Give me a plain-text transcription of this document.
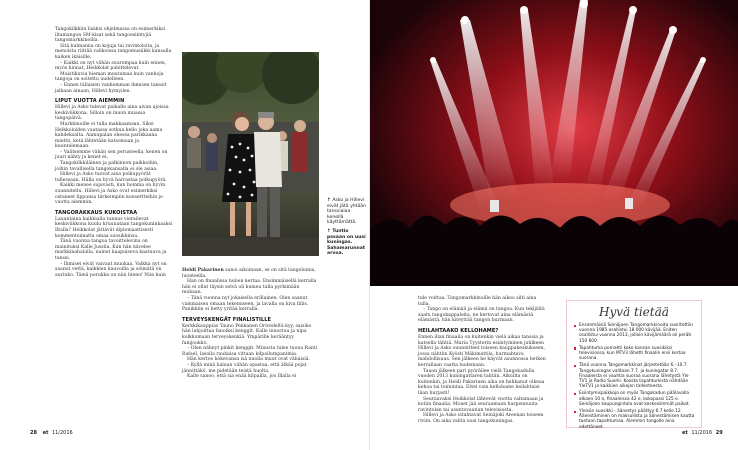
Tangokilkkiin lisäksi ohjelmassa on esimerkiksi iltamangon SM-kisat sekä tangoesiintyjiä tangomarkkinoilla.

Sitä kulmanna on kojuja tai ravintoloita, ja menoista riittää valikoissa tangomusiikki kansalla kaiken ikäisille.

– Kaikki on nyt vähän suurempaa kuin ennen, myös hinnat, Heikkolat pahittelevat.

Muistikuvia hieman muutamaa kuin vanhoja tangoja on soitettu uudelleen.

– Ennen tällaisen vanhemman ihmisen tanssit jalkaan ainaan, Hillevi hymyilee.

LIPUT VUOTTA AIEMMIN

Hillevi ja Asko tulevat paikalle aina aivan ajoissa keskiviikkona. Silloin on muun muassa tangopäivä.

Markkinoille ei tulla makkaamaan. Siksi Heikkoloiden vaatassa sotkua kello joka aamu kahdeksalta. Aamupalan ohessa parikkaana miettii, ketä lähtetään katsomaan ja kuuntelemaan.

– Valitsemme vähän sen perusteella, kenen on juuri nähty ja kenet ei.

Tangokilkkiläinen ja palkinnon paikkoihin, joihin tavallisella tangokansalla ei ole asiaa.

Hillevi ja Asko tuovat aina polkupyörät tullessaan. Hiilla on hyvä harrastaa polkupyörä.

Kaikki menee sujuvasti, kun homma on hyvin suunniteltu. Hillevi ja Asko ovat esimerkiksi ostaneet lippunsa tärkeimpiin konsertteihin jo vuotta aiemmin.

TANGORAKKAUS KUKOISTAA

Lauantaina kaikkialla tunnus vierailevat keskiviikkona kuulu kruunataan tangokuninkaaksi Iltalla? Heikkolat jättävät diplomaattisesti kommentoimatta omaa suosikkinsa.

Tänä vuonna tangoa tavoittelevina on mainituksi Kalle Jussila. Kun hän kävelee markkinahalulla, nainet kaapuiseva kaatuuva ja tanssi.

– Ihmiset eivät vaivaat muukaa. Valkka nyt on saanut vettä, kaikkien kauvoilla ja söimätä on aurinko. Tämä porukka on niin hieno! Niin kuin

↑ Asko ja Hillevi eivät jätä yhtään tanssiaiaa kenellä käyttämättä.

↑ Tuntio pssaan on uusi kuningas. Sahamarunnat arvoa.

Heidi Pakarinen sanoi aikoinaan, se on sitä tangolumia, luonteella.

Han on finaalissa toinen kertaa. Ensimmäisellä kerralla hän ei ollut täysin selvä oli kumea tulla pyrkimään mukaan.

– Tänä vuonna nyt jokaisella erillainen. Olen saanut vammaisen omaan tekemiseen, ja lavalla on kiva fiilis. Panikkiin ei hetty yritää kerralla.

TERVEYSKENGÄT FINALISTILLE

Kerkkikauppias Tauno Pekkanen Orivedeltä kyy, saisiko hän lahjoittaa fanoiksi kenggit. Kalle innostuu ja nipa kolkkomaan terveyskenkiä. Ympärille kerääntyy fanijoukko.

– Olen nähnyt pinkit kenggit. Minusta tulee tuona Ranti Rafael, lasolla rauhaisa vittaan kilpailumpanimia.

Hän kertoo kokevansa isä nuolla muut ovat vähäisiä.

– Kyllä minä haluan vähän opastaa, että älkää pojat jännittäkö, me pidetään teistä huolta.

Kalle sanoo, että sia enää kilpailla, jos Illalla ei

28 et 11/2016

tule voittaa. Tangomarkkinoille hän aikoo silti aina tulla.

– Tango on elämää ja elämä on tangoa. Kun tekijöitä saatu tangokappaleita, ne kertovat aina elämästä elämästä, hän kiteyttää tangon hurmaan.

HEILAHTAAKO KELLOHAME?

Ennen illan finaalia on kuitenkin vielä aikaa tanssia ja katsella tähtiä. Maria Tyysterin esiintyminen juhlkeen Hillevi ja Asko suunnitteet toiseen kauppakeskukseen, jossa nähtiin Kyösti Mäkimattila, hurmahtava mahdollisuus. Sen jälkeen he käyvät asunnossa hetken kerrallaan vaatta luulemaan.

Tauon jälkeen pari pyöräilee vielä Tangokadulla vuoden 2013 kuningattaren tahtiin. Alkuilta on kuitenkin, ja Heidi Pakarinen aika on hehkanut oikeaa kehoa tai toimintaa. Ettei vain kellohame heilahtaisi liian hurjasti!

Seuraavaksi Heikkolat lähtevät vuotta valtamaan ja kotiin finaalia. Monet jää seuraamaan harpennuuta ravintolan tai asuntovaunun televisiosta.

Hillevi ja Asko istahtavat Seinäjoki Areenan toiseen riviin. On aika valita uusi tangokuningas.

Hyvä tietää
Ensimmäisiä Seinäjoen Tangomarkkinoita suoritettiin vuonna 1985 osallistui 18 000 kävijää. Eniten osallistui vuonna 2013, jolloin kävijämäärä oli peräti 150 600.
Tapahtuma pornahti koko kansan suosikiksi televisiossa, kun MTV3 lähetti finaalin ensi kertaa suorana.
Tänä vuonna Tangomarkkinat järjestetään 6.–10.7. Tangokuningas valitaan 7.7. ja kuningatar 8.7. Finaaleista ei vauhtia suoraa suorana lähetystä Yle TV1 ja Radio Suomi. Koosta tapahtumista nähdään YleTV1 ja kaikkien aikojen tallenteesta.
Esiintymispaikkoja on myös Tangokadun päälavalla alkaen 10 e, finaaleissa 42 e, kokopassi 125 e. Seinäjoen kaupungintalo ovat keskeisimmät paikat.
Yleisön suosikki - äänestys päättyy 6.7 kello 12. Äänestäminen on maksullista ja äänestämisen kautta tuetaan tapahtumaa. Aiemmin tangolle aina edettäneet.
et 11/2016 29
